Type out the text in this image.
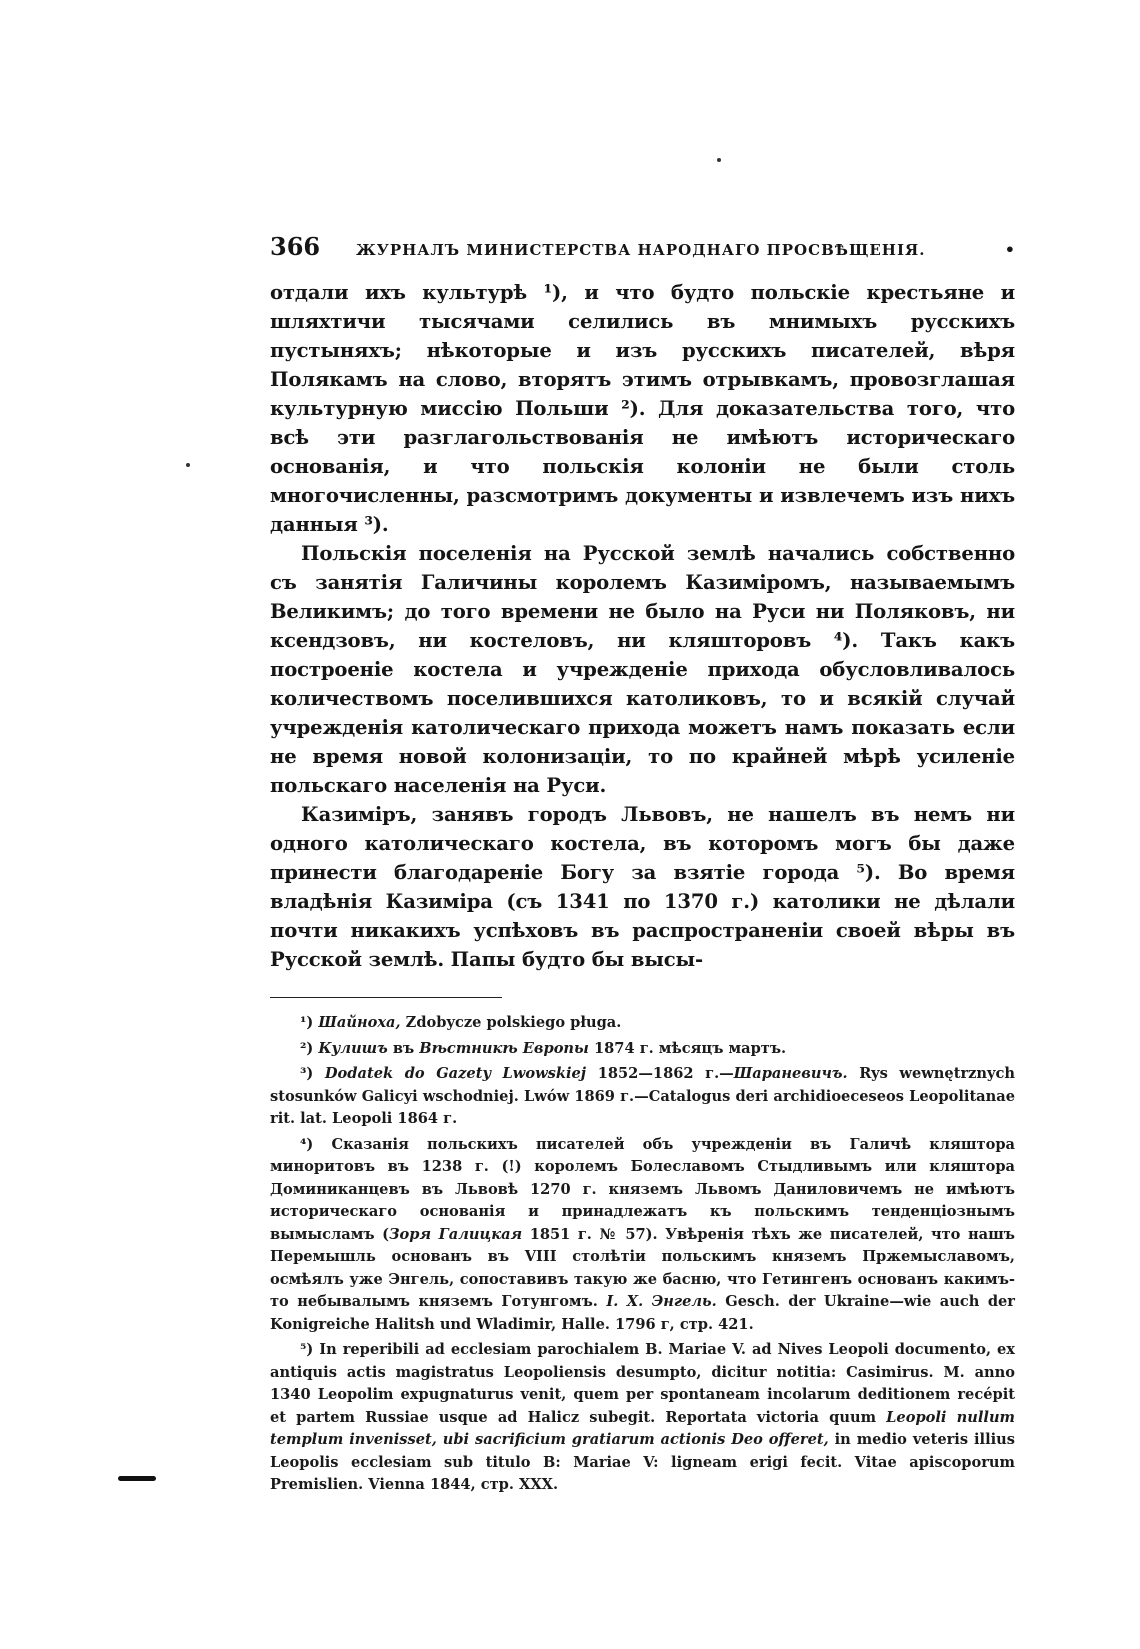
366	ЖУРНАЛЪ МИНИСТЕРСТВА НАРОДНАГО ПРОСВѢЩЕНІЯ.	•

отдали ихъ культурѣ ¹), и что будто польскіе крестьяне и шляхтичи тысячами селились въ мнимыхъ русскихъ пустыняхъ; нѣкоторые и изъ русскихъ писателей, вѣря Полякамъ на слово, вторятъ этимъ отрывкамъ, провозглашая культурную миссію Польши ²). Для доказательства того, что всѣ эти разглагольствованія не имѣютъ историческаго основанія, и что польскія колоніи не были столь многочисленны, разсмотримъ документы и извлечемъ изъ нихъ данныя ³).

Польскія поселенія на Русской землѣ начались собственно съ занятія Галичины королемъ Казиміромъ, называемымъ Великимъ; до того времени не было на Руси ни Поляковъ, ни ксендзовъ, ни костеловъ, ни кляшторовъ ⁴). Такъ какъ построеніе костела и учрежденіе прихода обусловливалось количествомъ поселившихся католиковъ, то и всякій случай учрежденія католическаго прихода можетъ намъ показать если не время новой колонизаціи, то по крайней мѣрѣ усиленіе польскаго населенія на Руси.

Казиміръ, занявъ городъ Львовъ, не нашелъ въ немъ ни одного католическаго костела, въ которомъ могъ бы даже принести благодареніе Богу за взятіе города ⁵). Во время владѣнія Казиміра (съ 1341 по 1370 г.) католики не дѣлали почти никакихъ успѣховъ въ распространеніи своей вѣры въ Русской землѣ. Папы будто бы высы-

¹) Шайноха, Zdobycze polskiego pługa.

²) Кулишъ въ Вѣстникѣ Европы 1874 г. мѣсяцъ мартъ.

³) Dodatek do Gazety Lwowskiej 1852—1862 г.—Шараневичъ. Rys wewnętrznych stosunków Galicyi wschodniej. Lwów 1869 г.—Catalogus deri archidioeceseos Leopolitanae rit. lat. Leopoli 1864 г.

⁴) Сказанія польскихъ писателей объ учрежденіи въ Галичѣ кляштора миноритовъ въ 1238 г. (!) королемъ Болеславомъ Стыдливымъ или кляштора Доминиканцевъ въ Львовѣ 1270 г. княземъ Львомъ Даниловичемъ не имѣютъ историческаго основанія и принадлежатъ къ польскимъ тенденціознымъ вымысламъ (Зоря Галицкая 1851 г. № 57). Увѣренія тѣхъ же писателей, что нашъ Перемышль основанъ въ VIII столѣтіи польскимъ княземъ Пржемыславомъ, осмѣялъ уже Энгель, сопоставивъ такую же басню, что Гетингенъ основанъ какимъ-то небывалымъ княземъ Готунгомъ. І. Х. Энгель. Gesch. der Ukraine—wie auch der Konigreiche Halitsh und Wladimir, Halle. 1796 г, стр. 421.

⁵) In reperibili ad ecclesiam parochialem B. Mariae V. ad Nives Leopoli documento, ex antiquis actis magistratus Leopoliensis desumpto, dicitur notitia: Casimirus. M. anno 1340 Leopolim expugnaturus venit, quem per spontaneam incolarum deditionem recépit et partem Russiae usque ad Halicz subegit. Reportata victoria quum Leopoli nullum templum invenisset, ubi sacrificium gratiarum actionis Deo offeret, in medio veteris illius Leopolis ecclesiam sub titulo B: Mariae V: ligneam erigi fecit. Vitae apiscoporum Premislien. Vienna 1844, стр. XXX.
